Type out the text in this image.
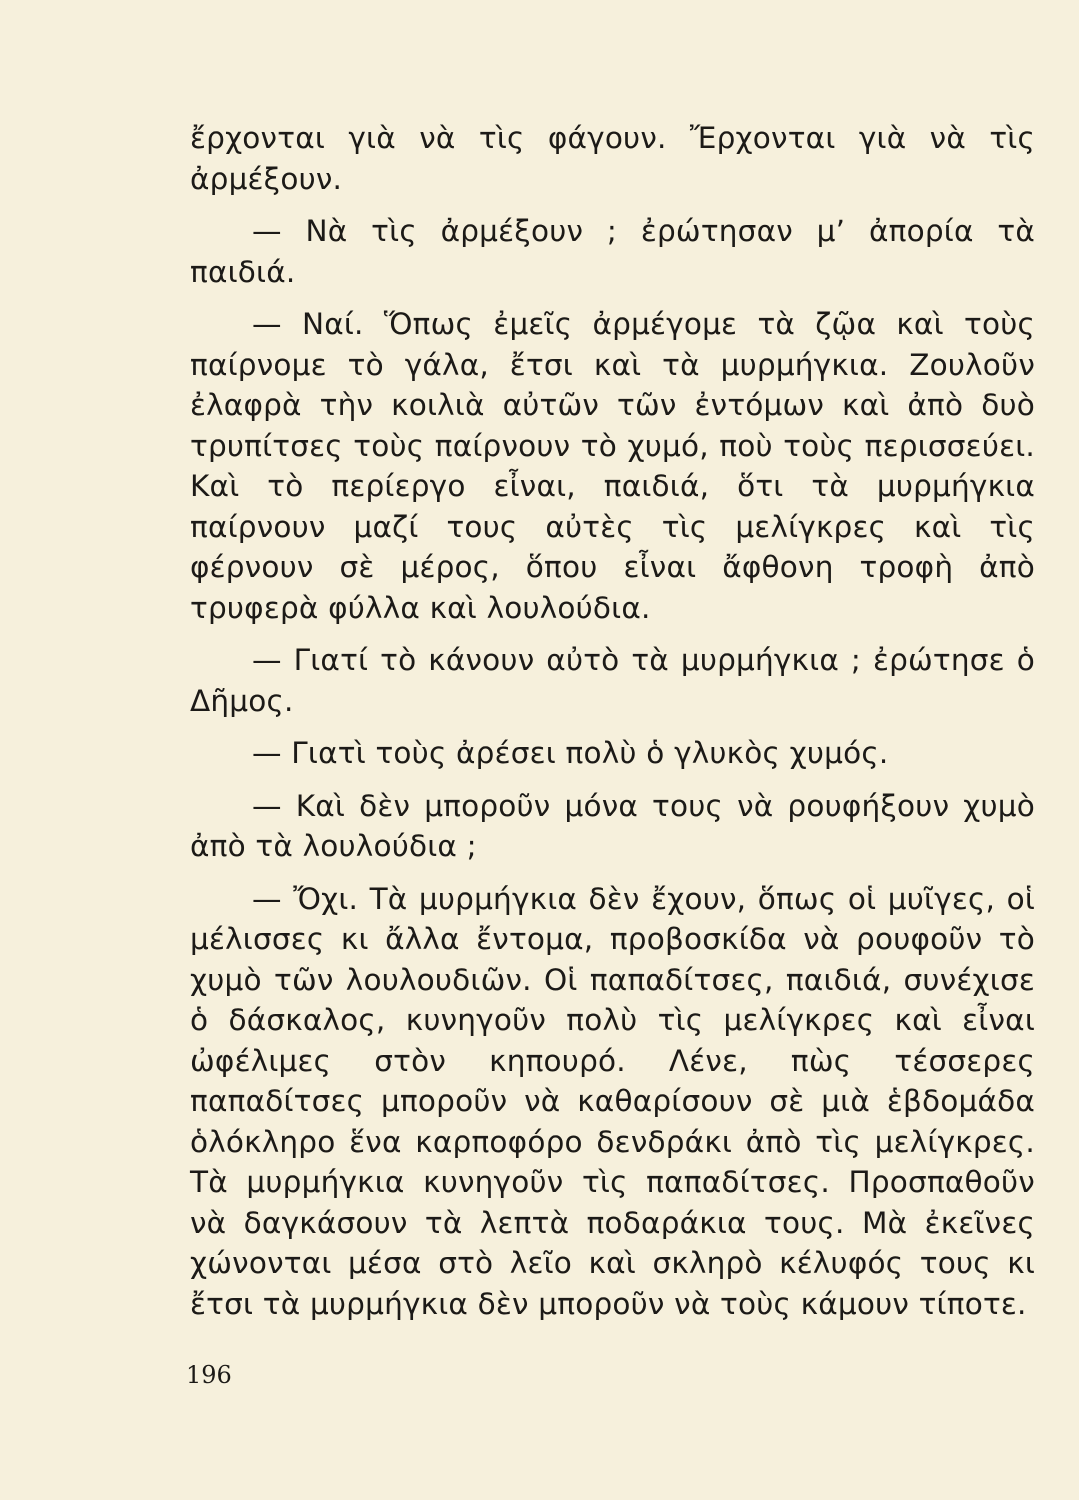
ἔρχονται γιὰ νὰ τὶς φάγουν. Ἔρχονται γιὰ νὰ τὶς ἀρμέξουν.

— Νὰ τὶς ἀρμέξουν ; ἐρώτησαν μ’ ἀπορία τὰ παιδιά.

— Ναί. Ὅπως ἐμεῖς ἀρμέγομε τὰ ζῷα καὶ τοὺς παίρνομε τὸ γάλα, ἔτσι καὶ τὰ μυρμήγκια. Ζουλοῦν ἐλαφρὰ τὴν κοιλιὰ αὐτῶν τῶν ἐντόμων καὶ ἀπὸ δυὸ τρυπίτσες τοὺς παίρνουν τὸ χυμό, ποὺ τοὺς περισσεύει. Καὶ τὸ περίεργο εἶναι, παιδιά, ὅτι τὰ μυρμήγκια παίρνουν μαζί τους αὐτὲς τὶς μελίγκρες καὶ τὶς φέρνουν σὲ μέρος, ὅπου εἶναι ἄφθονη τροφὴ ἀπὸ τρυφερὰ φύλλα καὶ λουλούδια.

— Γιατί τὸ κάνουν αὐτὸ τὰ μυρμήγκια ; ἐρώτησε ὁ Δῆμος.

— Γιατὶ τοὺς ἀρέσει πολὺ ὁ γλυκὸς χυμός.

— Καὶ δὲν μποροῦν μόνα τους νὰ ρουφήξουν χυμὸ ἀπὸ τὰ λουλούδια ;

— Ὄχι. Τὰ μυρμήγκια δὲν ἔχουν, ὅπως οἱ μυῖγες, οἱ μέλισσες κι ἄλλα ἔντομα, προβοσκίδα νὰ ρουφοῦν τὸ χυμὸ τῶν λουλουδιῶν. Οἱ παπαδίτσες, παιδιά, συνέχισε ὁ δάσκαλος, κυνηγοῦν πολὺ τὶς μελίγκρες καὶ εἶναι ὠφέλιμες στὸν κηπουρό. Λένε, πὼς τέσσερες παπαδίτσες μποροῦν νὰ καθαρίσουν σὲ μιὰ ἑβδομάδα ὁλόκληρο ἕνα καρποφόρο δενδράκι ἀπὸ τὶς μελίγκρες. Τὰ μυρμήγκια κυνηγοῦν τὶς παπαδίτσες. Προσπαθοῦν νὰ δαγκάσουν τὰ λεπτὰ ποδαράκια τους. Μὰ ἐκεῖνες χώνονται μέσα στὸ λεῖο καὶ σκληρὸ κέλυφός τους κι ἔτσι τὰ μυρμήγκια δὲν μποροῦν νὰ τοὺς κάμουν τίποτε.

196
